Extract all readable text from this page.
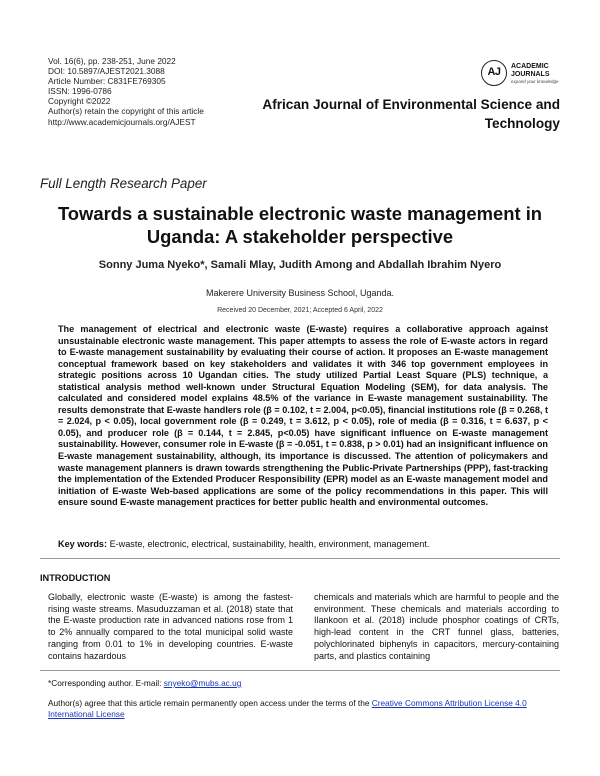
Vol. 16(6), pp. 238-251, June 2022
DOI: 10.5897/AJEST2021.3088
Article Number: C831FE769305
ISSN: 1996-0786
Copyright ©2022
Author(s) retain the copyright of this article
http://www.academicjournals.org/AJEST
AJ	ACADEMIC
JOURNALS
expand your knowledge
African Journal of Environmental Science and
Technology
Full Length Research Paper
Towards a sustainable electronic waste management in
Uganda: A stakeholder perspective
Sonny Juma Nyeko*, Samali Mlay, Judith Among and Abdallah Ibrahim Nyero
Makerere University Business School, Uganda.
Received 20 December, 2021; Accepted 6 April, 2022
The management of electrical and electronic waste (E-waste) requires a collaborative approach against unsustainable electronic waste management. This paper attempts to assess the role of E-waste actors in regard to E-waste management sustainability by evaluating their course of action. It proposes an E-waste management conceptual framework based on key stakeholders and validates it with 346 top government employees in strategic positions across 10 Ugandan cities. The study utilized Partial Least Square (PLS) technique, a statistical analysis method well-known under Structural Equation Modeling (SEM), for data analysis. The calculated and considered model explains 48.5% of the variance in E-waste management sustainability. The results demonstrate that E-waste handlers role (β = 0.102, t = 2.004, p<0.05), financial institutions role (β = 0.268, t = 2.024, p < 0.05), local government role (β = 0.249, t = 3.612, p < 0.05), role of media (β = 0.316, t = 6.637, p < 0.05), and producer role (β = 0.144, t = 2.845, p<0.05) have significant influence on E-waste management sustainability. However, consumer role in E-waste (β = -0.051, t = 0.838, p > 0.01) had an insignificant influence on E-waste management sustainability, although, its importance is discussed. The attention of policymakers and waste management planners is drawn towards strengthening the Public-Private Partnerships (PPP), fast-tracking the implementation of the Extended Producer Responsibility (EPR) model as an E-waste management model and initiation of E-waste Web-based applications are some of the policy recommendations in this paper. This will ensure sound E-waste management practices for better public health and environmental outcomes.
Key words: E-waste, electronic, electrical, sustainability, health, environment, management.
INTRODUCTION
Globally, electronic waste (E-waste) is among the fastest-rising waste streams. Masuduzzaman et al. (2018) state that the E-waste production rate in advanced nations rose from 1 to 2% annually compared to the total municipal solid waste ranging from 0.01 to 1% in developing countries. E-waste contains hazardous
chemicals and materials which are harmful to people and the environment. These chemicals and materials according to Ilankoon et al. (2018) include phosphor coatings of CRTs, high-lead content in the CRT funnel glass, batteries, polychlorinated biphenyls in capacitors, mercury-containing parts, and plastics containing
*Corresponding author. E-mail: snyeko@mubs.ac.ug
Author(s) agree that this article remain permanently open access under the terms of the Creative Commons Attribution License 4.0 International License
